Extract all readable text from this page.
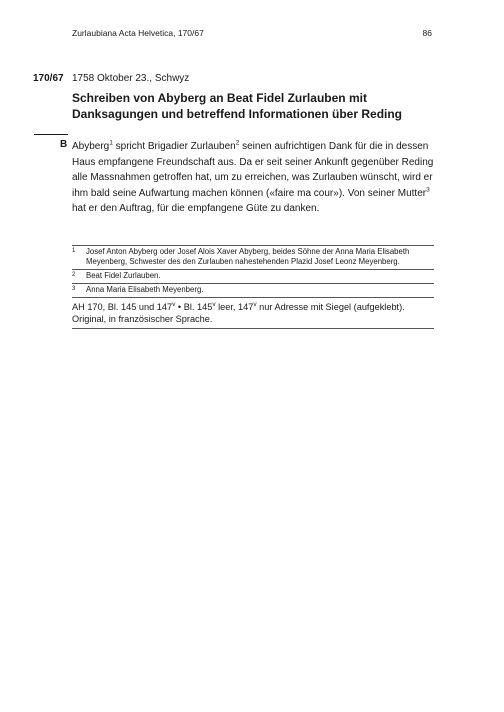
Zurlaubiana Acta Helvetica, 170/67	86
170/67 1758 Oktober 23., Schwyz
Schreiben von Abyberg an Beat Fidel Zurlauben mit Danksagungen und betreffend Informationen über Reding
B Abyberg$^1$ spricht Brigadier Zurlauben$^2$ seinen aufrichtigen Dank für die in dessen Haus empfangene Freundschaft aus. Da er seit seiner Ankunft gegenüber Reding alle Massnahmen getroffen hat, um zu erreichen, was Zurlauben wünscht, wird er ihm bald seine Aufwartung machen können («faire ma cour»). Von seiner Mutter$^3$ hat er den Auftrag, für die empfangene Güte zu danken.

1 Josef Anton Abyberg oder Josef Alois Xaver Abyberg, beides Söhne der Anna Maria Elisabeth Meyenberg, Schwester des den Zurlauben nahestehenden Plazid Josef Leonz Meyenberg.
2 Beat Fidel Zurlauben.
3 Anna Maria Elisabeth Meyenberg.
AH 170, Bl. 145 und 147$^v$ • Bl. 145$^v$ leer, 147$^v$ nur Adresse mit Siegel (aufgeklebt). Original, in französischer Sprache.
